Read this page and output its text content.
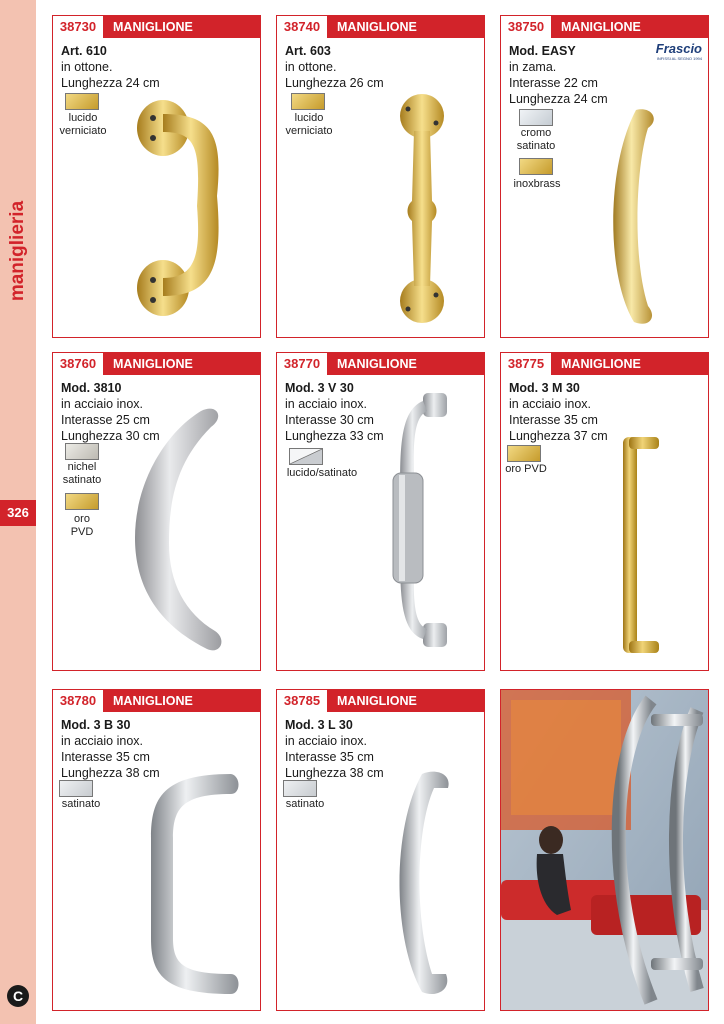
maniglieria
326
C
38730	MANIGLIONE
Art. 610
in ottone.
Lunghezza 24 cm
lucido verniciato
38740	MANIGLIONE
Art. 603
in ottone.
Lunghezza 26 cm
lucido verniciato
38750	MANIGLIONE
Frascio
INFISSI AL SEGNO 1994
Mod. EASY
in zama.
Interasse 22 cm
Lunghezza 24 cm
cromo satinato
inoxbrass
38760	MANIGLIONE
Mod. 3810
in acciaio inox.
Interasse 25 cm
Lunghezza 30 cm
nichel satinato
oro PVD
38770	MANIGLIONE
Mod. 3 V 30
in acciaio inox.
Interasse 30 cm
Lunghezza 33 cm
lucido/satinato
38775	MANIGLIONE
Mod. 3 M 30
in acciaio inox.
Interasse 35 cm
Lunghezza 37 cm
oro PVD
38780	MANIGLIONE
Mod. 3 B 30
in acciaio inox.
Interasse 35 cm
Lunghezza 38 cm
satinato
38785	MANIGLIONE
Mod. 3 L 30
in acciaio inox.
Interasse 35 cm
Lunghezza 38 cm
satinato
